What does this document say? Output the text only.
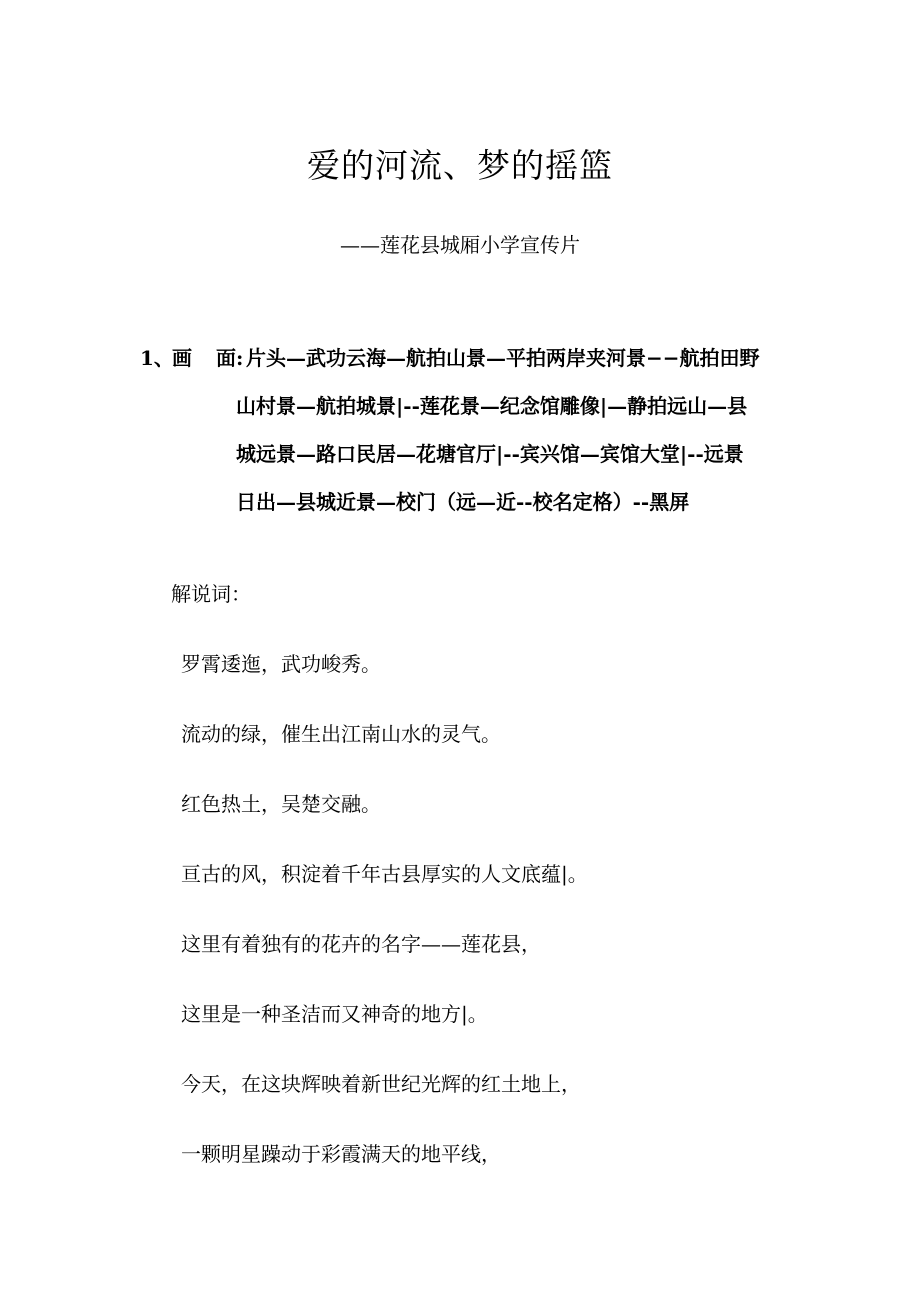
爱的河流、梦的摇篮
——莲花县城厢小学宣传片
1、
画 面: 片头—武功云海—航拍山景—平拍两岸夹河景−−航拍田野
山村景—航拍城景|--莲花景—纪念馆雕像|—静拍远山—县
城远景—路口民居—花塘官厅|--宾兴馆—宾馆大堂|--远景
日出—县城近景—校门（远—近--校名定格）--黑屏
解说词：
罗霄逶迤，武功峻秀。
流动的绿，催生出江南山水的灵气。
红色热土，吴楚交融。
亘古的风，积淀着千年古县厚实的人文底蕴|。
这里有着独有的花卉的名字——莲花县，
这里是一种圣洁而又神奇的地方|。
今天，在这块辉映着新世纪光辉的红土地上，
一颗明星躁动于彩霞满天的地平线，
